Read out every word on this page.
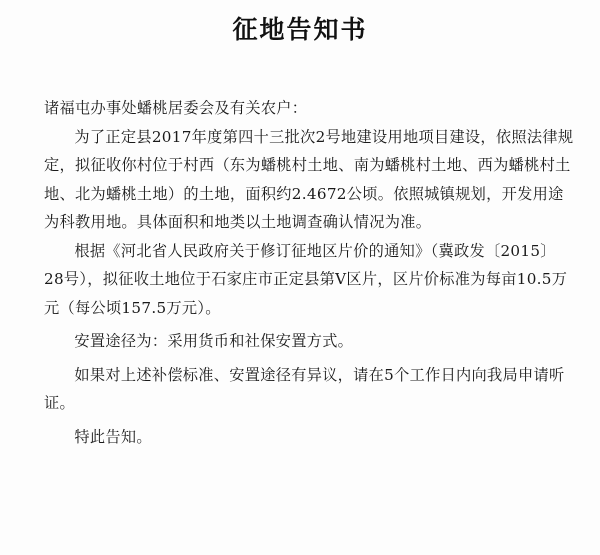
征地告知书

诸福屯办事处蟠桃居委会及有关农户：

为了正定县2017年度第四十三批次2号地建设用地项目建设，依照法律规定，拟征收你村位于村西（东为蟠桃村土地、南为蟠桃村土地、西为蟠桃村土地、北为蟠桃土地）的土地，面积约2.4672公顷。依照城镇规划，开发用途为科教用地。具体面积和地类以土地调查确认情况为准。

根据《河北省人民政府关于修订征地区片价的通知》（冀政发〔2015〕28号），拟征收土地位于石家庄市正定县第Ⅴ区片，区片价标准为每亩10.5万元（每公顷157.5万元）。

安置途径为：采用货币和社保安置方式。

如果对上述补偿标准、安置途径有异议，请在5个工作日内向我局申请听证。

特此告知。
